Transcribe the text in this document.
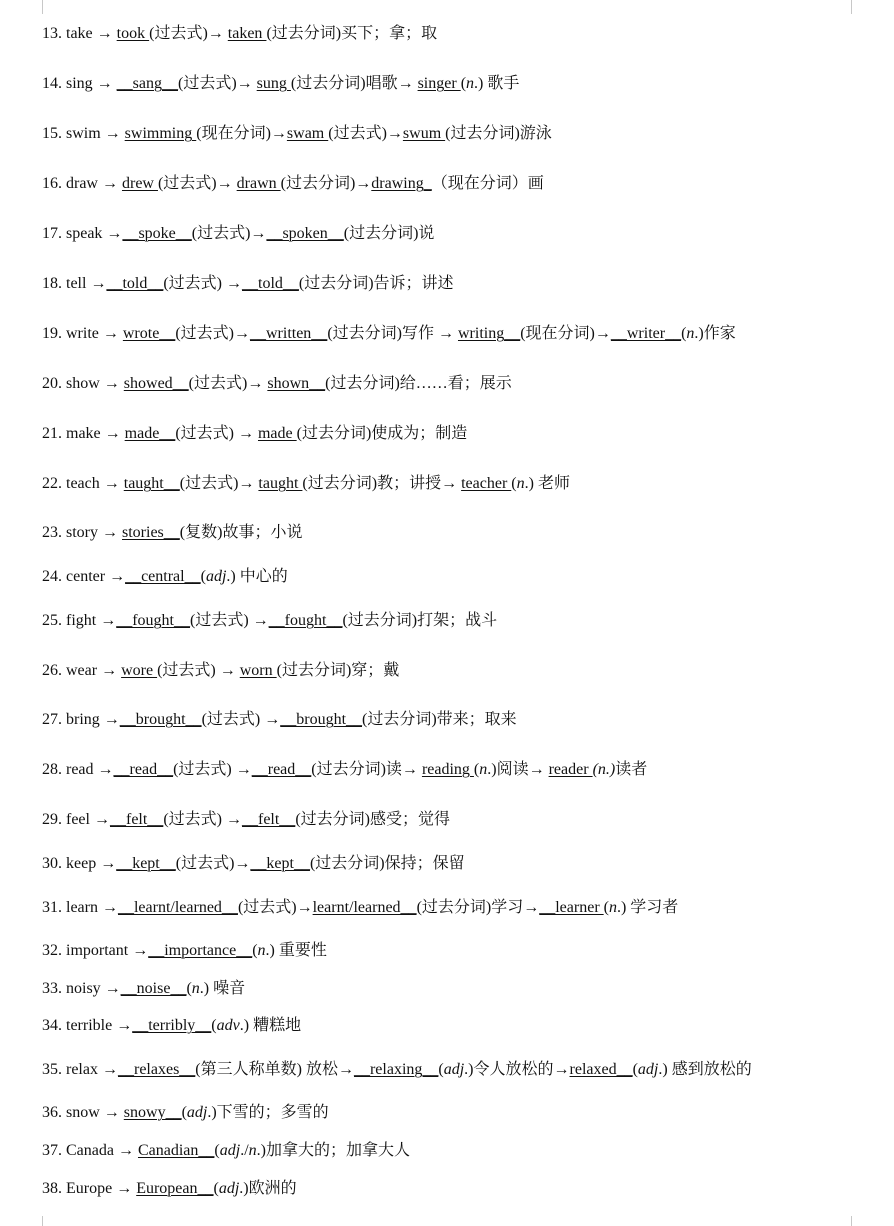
13. take → took (过去式)→ taken (过去分词)买下；拿；取
14. sing → __sang__(过去式)→ sung (过去分词)唱歌→ singer (n.) 歌手
15. swim → swimming (现在分词)→swam (过去式)→swum (过去分词)游泳
16. draw → drew (过去式)→ drawn (过去分词)→drawing_（现在分词）画
17. speak →__spoke__(过去式)→__spoken__(过去分词)说
18. tell →__told__(过去式) →__told__(过去分词)告诉；讲述
19. write → wrote__(过去式)→__written__(过去分词)写作 → writing__(现在分词)→__writer__(n.)作家
20. show → showed__(过去式)→ shown__(过去分词)给……看；展示
21. make → made__(过去式) → made (过去分词)使成为；制造
22. teach → taught__(过去式)→ taught (过去分词)教；讲授→ teacher (n.) 老师
23. story → stories__(复数)故事；小说
24. center →__central__(adj.) 中心的
25. fight →__fought__(过去式) →__fought__(过去分词)打架；战斗
26. wear → wore (过去式) → worn (过去分词)穿；戴
27. bring →__brought__(过去式) →__brought__(过去分词)带来；取来
28. read →__read__(过去式) →__read__(过去分词)读→ reading (n.)阅读→ reader (n.)读者
29. feel →__felt__(过去式) →__felt__(过去分词)感受；觉得
30. keep →__kept__(过去式)→__kept__(过去分词)保持；保留
31. learn →__learnt/learned__(过去式)→learnt/learned__(过去分词)学习→__learner (n.) 学习者
32. important →__importance__(n.) 重要性
33. noisy →__noise__(n.) 噪音
34. terrible →__terribly__(adv.) 糟糕地
35. relax →__relaxes__(第三人称单数) 放松→__relaxing__(adj.)令人放松的→relaxed__(adj.) 感到放松的
36. snow → snowy__(adj.)下雪的；多雪的
37. Canada → Canadian__(adj./n.)加拿大的；加拿大人
38. Europe → European__(adj.)欧洲的
